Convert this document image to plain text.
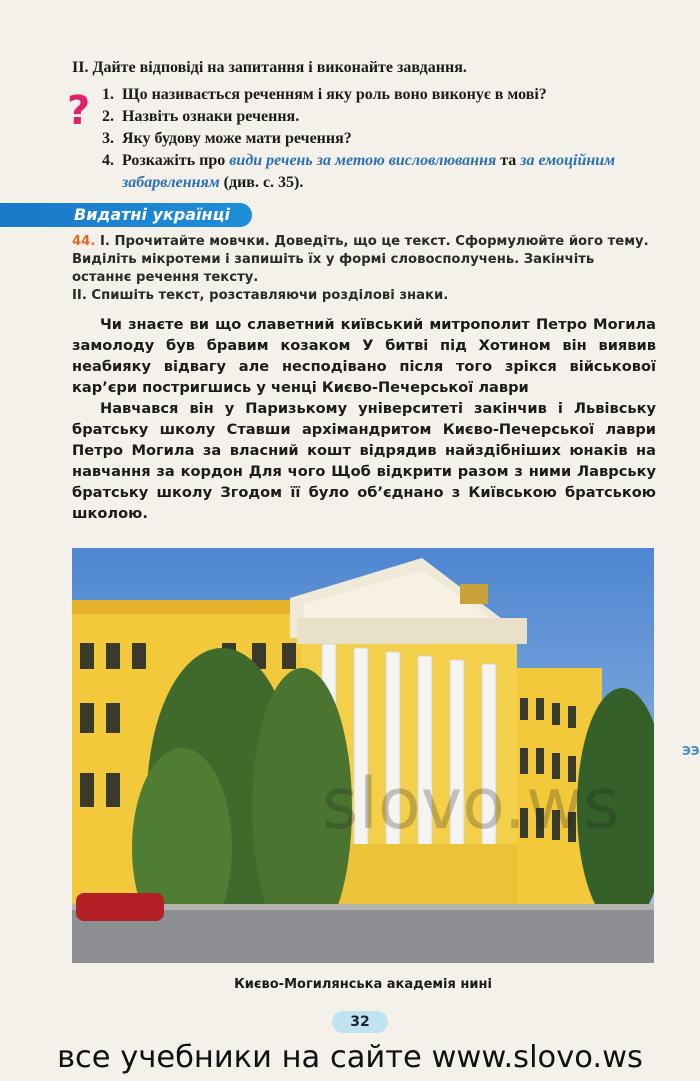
ІІ. Дайте відповіді на запитання і виконайте завдання.
? 1. Що називається реченням і яку роль воно виконує в мові?
2. Назвіть ознаки речення.
3. Яку будову може мати речення?
4. Розкажіть про види речень за метою висловлювання та за емоційним забарвленням (див. с. 35).
Видатні українці
44. І. Прочитайте мовчки. Доведіть, що це текст. Сформулюйте його тему. Виділіть мікротеми і запишіть їх у формі словосполучень. Закінчіть останнє речення тексту.
ІІ. Спишіть текст, розставляючи розділові знаки.

Чи знаєте ви що славетний київський митрополит Петро Могила замолоду був бравим козаком У битві під Хотином він виявив неабияку відвагу але несподівано після того зрікся військової кар’єри постригшись у ченці Києво-Печерської лаври

Навчався він у Паризькому університеті закінчив і Львівську братську школу Ставши архімандритом Києво-Печерської лаври Петро Могила за власний кошт відрядив найздібніших юнаків на навчання за кордон Для чого Щоб відкрити разом з ними Лаврську братську школу Згодом її було об’єднано з Київською братською школою.

slovo.ws
Києво-Могилянська академія нині
32
ЭЭ
все учебники на сайте www.slovo.ws
